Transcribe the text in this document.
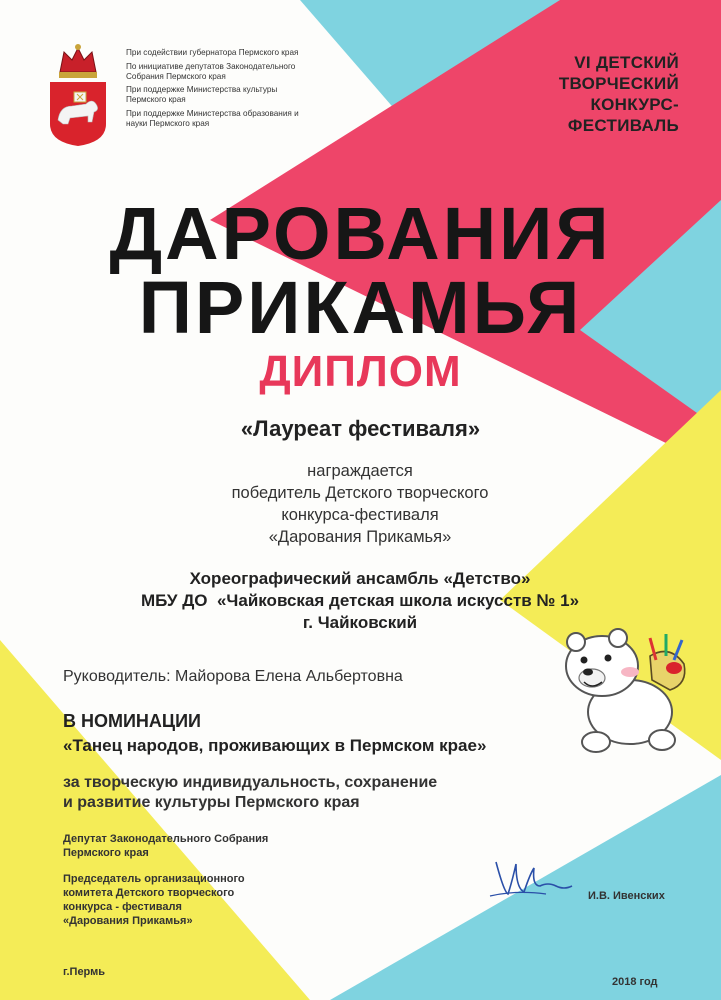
При содействии губернатора Пермского края
По инициативе депутатов Законодательного Собрания Пермского края
При поддержке Министерства культуры Пермского края
При поддержке Министерства образования и науки Пермского края
VI ДЕТСКИЙ
ТВОРЧЕСКИЙ
КОНКУРС-
ФЕСТИВАЛЬ
ДАРОВАНИЯ
ПРИКАМЬЯ
ДИПЛОМ
«Лауреат фестиваля»
награждается
победитель Детского творческого
конкурса-фестиваля
«Дарования Прикамья»
Хореографический ансамбль «Детство»
МБУ ДО  «Чайковская детская школа искусств № 1»
г. Чайковский
Руководитель: Майорова Елена Альбертовна
В НОМИНАЦИИ
«Танец народов, проживающих в Пермском крае»
за творческую индивидуальность, сохранение
и развитие культуры Пермского края
Депутат Законодательного Собрания
Пермского края
Председатель организационного
комитета Детского творческого
конкурса - фестиваля
«Дарования Прикамья»
И.В. Ивенских
г.Пермь
2018 год
